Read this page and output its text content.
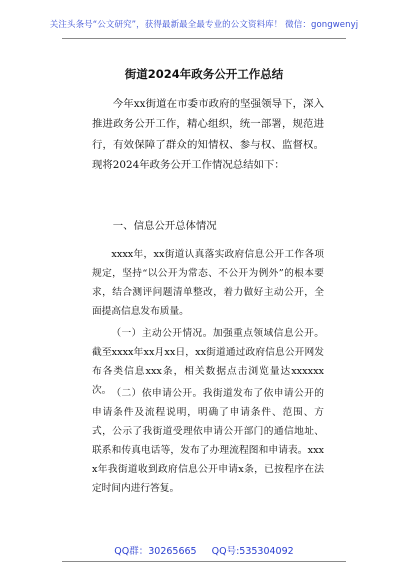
关注头条号“公文研究”，获得最新最全最专业的公文资料库！ 微信：gongwenyj
街道2024年政务公开工作总结
今年xx街道在市委市政府的坚强领导下，深入推进政务公开工作，精心组织，统一部署，规范进行，有效保障了群众的知情权、参与权、监督权。现将2024年政务公开工作情况总结如下：
一、信息公开总体情况
xxxx年，xx街道认真落实政府信息公开工作各项规定，坚持“以公开为常态、不公开为例外”的根本要求，结合测评问题清单整改，着力做好主动公开，全面提高信息发布质量。
（一）主动公开情况。加强重点领域信息公开。截至xxxx年xx月xx日，xx街道通过政府信息公开网发布各类信息xxx条，相关数据点击浏览量达xxxxxx次。 （二）依申请公开。我街道发布了依申请公开的申请条件及流程说明，明确了申请条件、范围、方式，公示了我街道受理依申请公开部门的通信地址、联系和传真电话等，发布了办理流程图和申请表。xxxx年我街道收到政府信息公开申请x条，已按程序在法定时间内进行答复。
QQ群：30265665 QQ号:535304092
